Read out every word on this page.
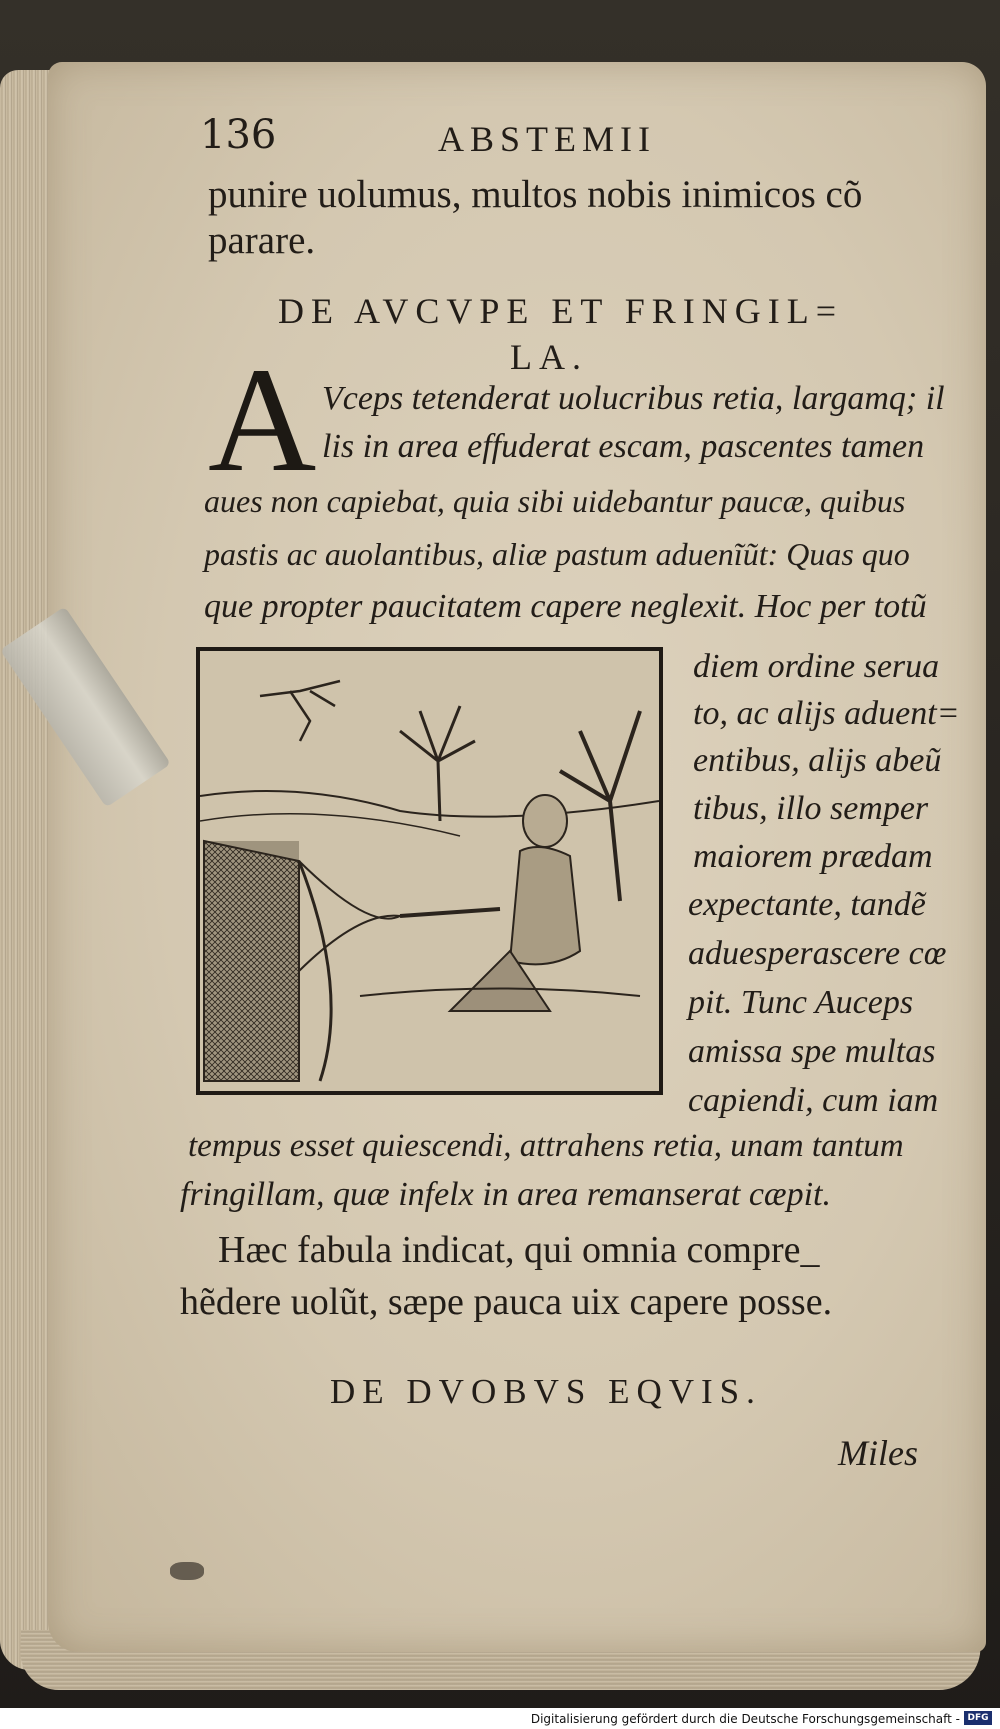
136	ABSTEMII
punire uolumus, multos nobis inimicos cõ
parare.
DE AVCVPE ET FRINGIL=
LA.
A Vceps tetenderat uolucribus retia, largamq; il
lis in area effuderat escam, pascentes tamen
aues non capiebat, quia sibi uidebantur paucæ, quibus
pastis ac auolantibus, aliæ pastum aduenĩũt: Quas quo
que propter paucitatem capere neglexit. Hoc per totũ
diem ordine serua
to, ac alijs aduent=
entibus, alijs abeũ
tibus, illo semper
maiorem prædam
expectante, tandẽ
aduesperascere cœ
pit. Tunc Auceps
amissa spe multas
capiendi, cum iam
tempus esset quiescendi, attrahens retia, unam tantum
fringillam, quæ infelx in area remanserat cæpit.
Hæc fabula indicat, qui omnia compre_
hẽdere uolũt, sæpe pauca uix capere posse.
DE DVOBVS EQVIS.
Miles
Digitalisierung gefördert durch die Deutsche Forschungsgemeinschaft - DFG
